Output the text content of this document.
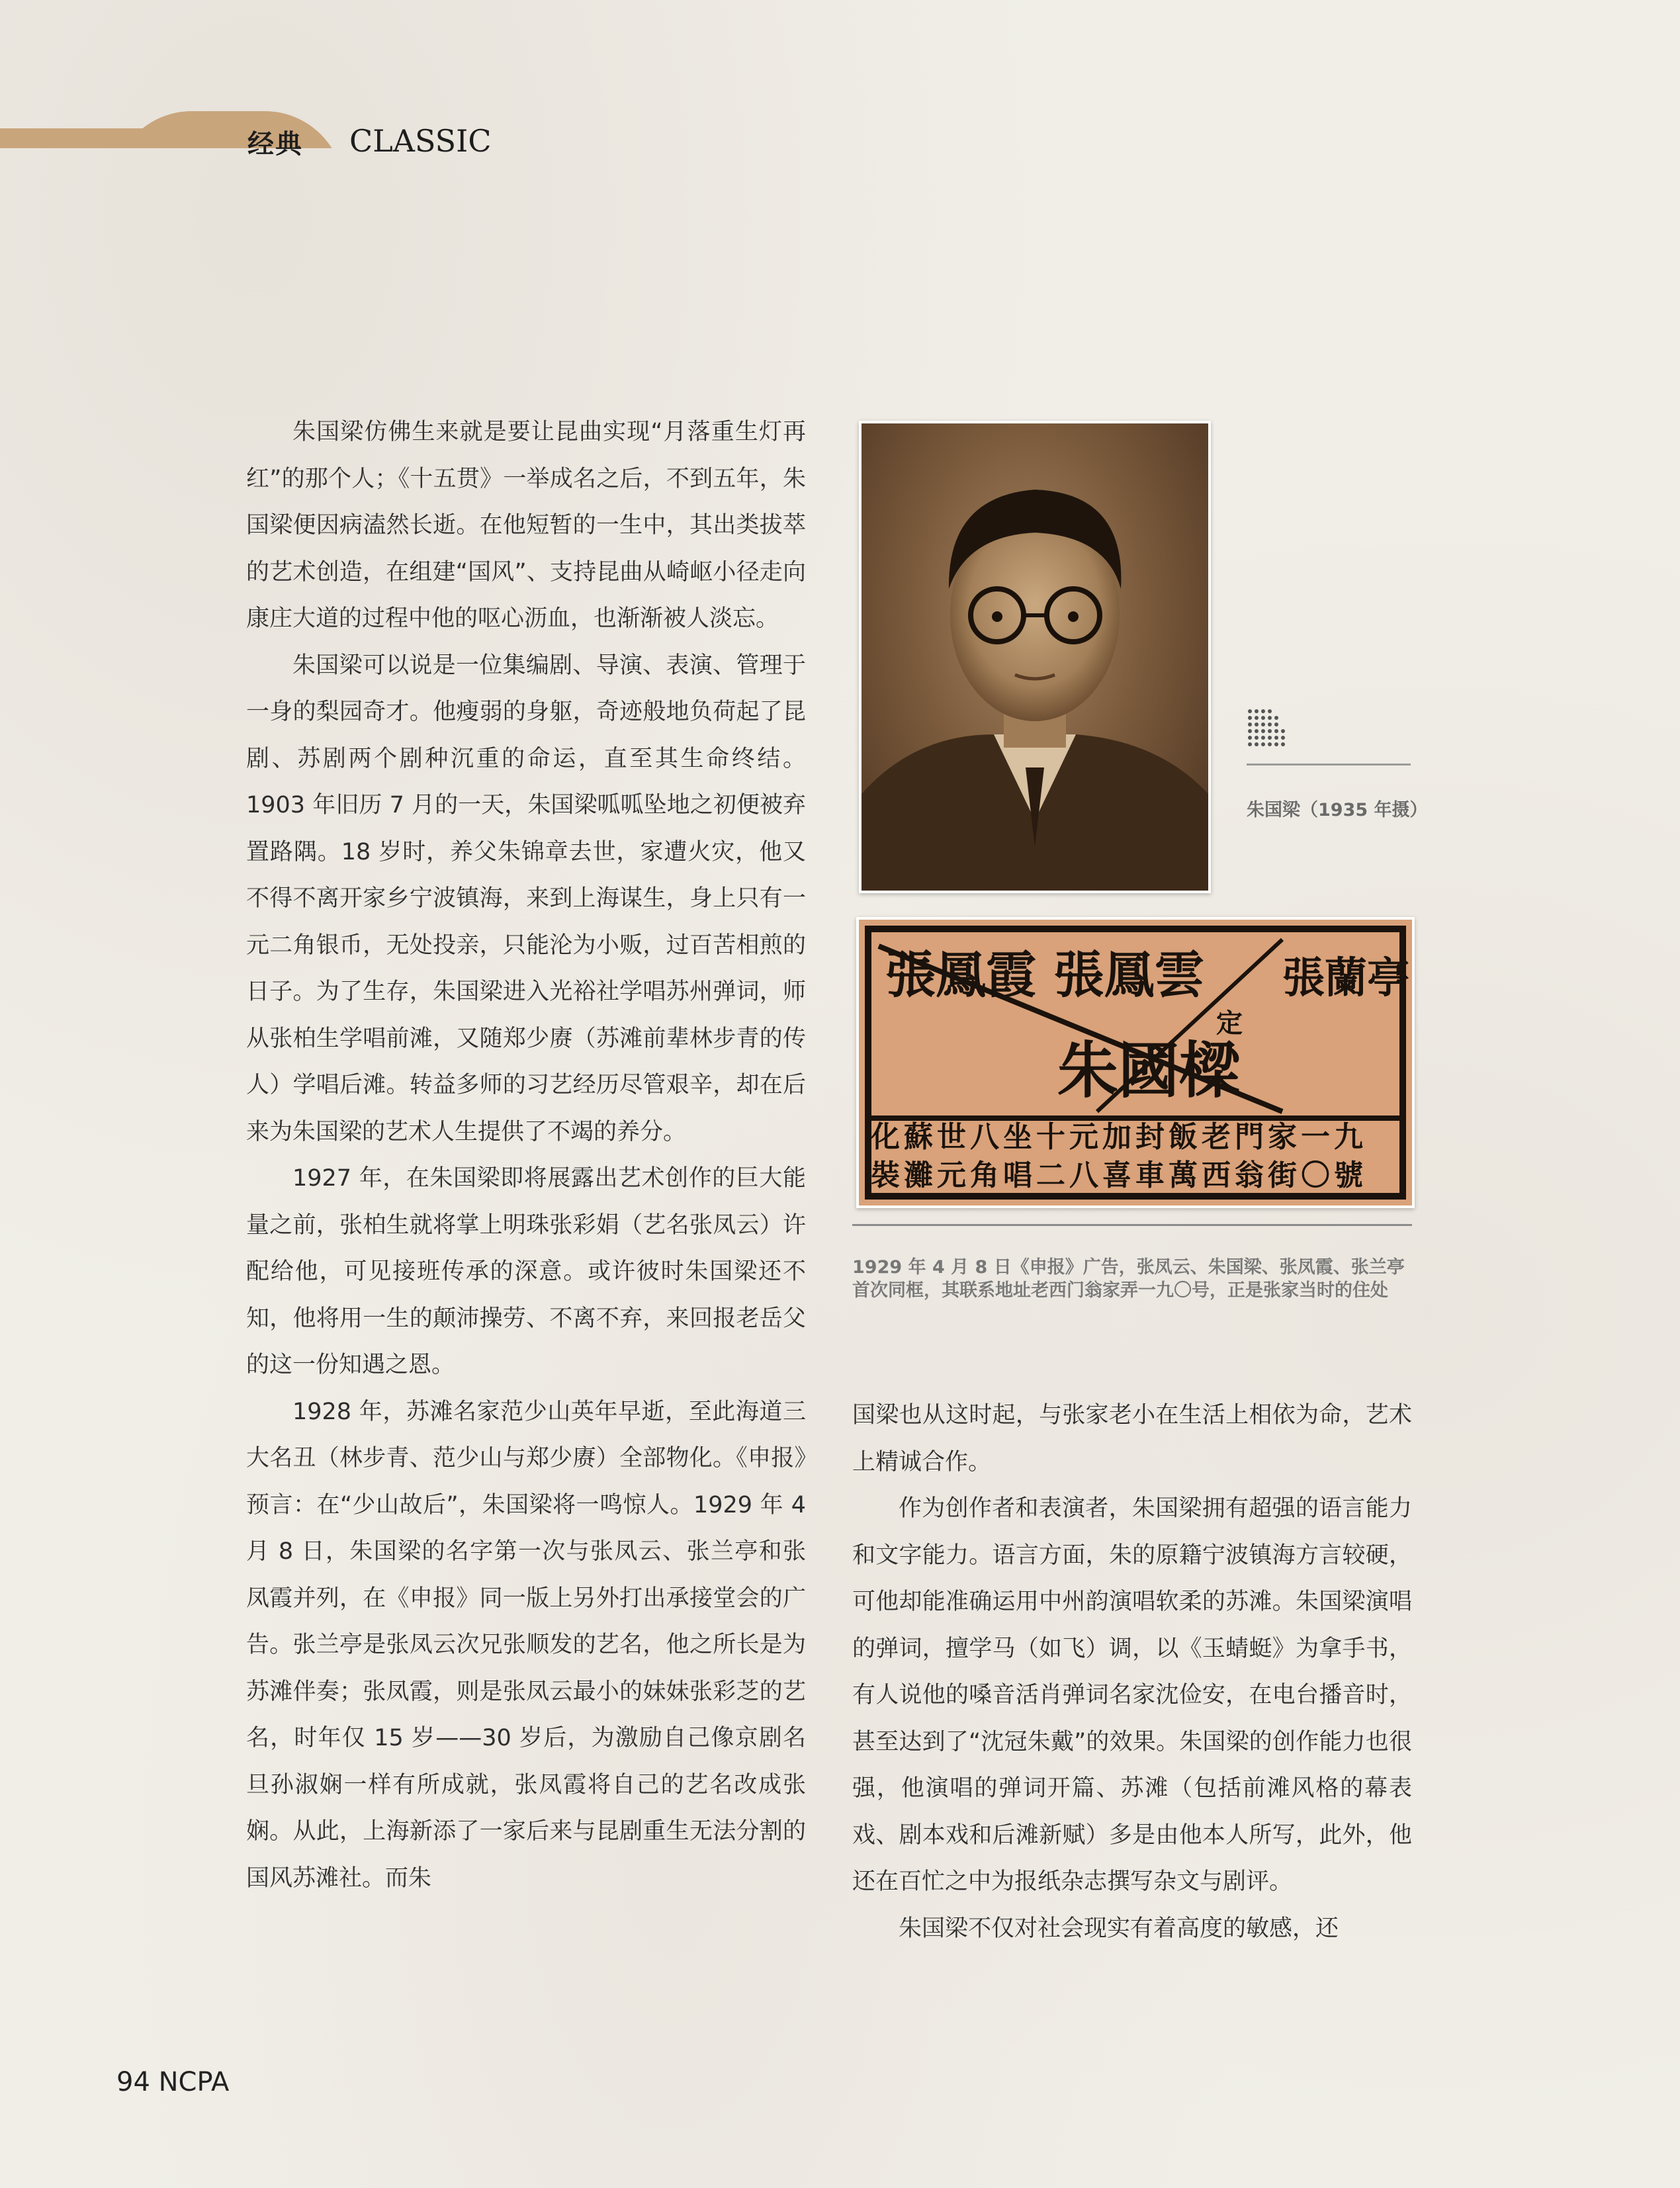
经典 CLASSIC

朱国梁仿佛生来就是要让昆曲实现“月落重生灯再红”的那个人；《十五贯》一举成名之后，不到五年，朱国梁便因病溘然长逝。在他短暂的一生中，其出类拔萃的艺术创造，在组建“国风”、支持昆曲从崎岖小径走向康庄大道的过程中他的呕心沥血，也渐渐被人淡忘。

朱国梁可以说是一位集编剧、导演、表演、管理于一身的梨园奇才。他瘦弱的身躯，奇迹般地负荷起了昆剧、苏剧两个剧种沉重的命运，直至其生命终结。1903 年旧历 7 月的一天，朱国梁呱呱坠地之初便被弃置路隅。18 岁时，养父朱锦章去世，家遭火灾，他又不得不离开家乡宁波镇海，来到上海谋生，身上只有一元二角银币，无处投亲，只能沦为小贩，过百苦相煎的日子。为了生存，朱国梁进入光裕社学唱苏州弹词，师从张柏生学唱前滩，又随郑少赓（苏滩前辈林步青的传人）学唱后滩。转益多师的习艺经历尽管艰辛，却在后来为朱国梁的艺术人生提供了不竭的养分。

1927 年，在朱国梁即将展露出艺术创作的巨大能量之前，张柏生就将掌上明珠张彩娟（艺名张凤云）许配给他，可见接班传承的深意。或许彼时朱国梁还不知，他将用一生的颠沛操劳、不离不弃，来回报老岳父的这一份知遇之恩。

1928 年，苏滩名家范少山英年早逝，至此海道三大名丑（林步青、范少山与郑少赓）全部物化。《申报》预言：在“少山故后”，朱国梁将一鸣惊人。1929 年 4 月 8 日，朱国梁的名字第一次与张凤云、张兰亭和张凤霞并列，在《申报》同一版上另外打出承接堂会的广告。张兰亭是张凤云次兄张顺发的艺名，他之所长是为苏滩伴奏；张凤霞，则是张凤云最小的妹妹张彩芝的艺名，时年仅 15 岁——30 岁后，为激励自己像京剧名旦孙淑娴一样有所成就，张凤霞将自己的艺名改成张娴。从此，上海新添了一家后来与昆剧重生无法分割的国风苏滩社。而朱

朱国梁（1935 年摄）
張鳳霞 張鳳雲 張蘭亭
朱國樑
定
化蘇世八坐十元加封飯老門家一九
裝灘元角唱二八喜車萬西翁街〇號
1929 年 4 月 8 日《申报》广告，张凤云、朱国梁、张凤霞、张兰亭首次同框，其联系地址老西门翁家弄一九〇号，正是张家当时的住处

国梁也从这时起，与张家老小在生活上相依为命，艺术上精诚合作。

作为创作者和表演者，朱国梁拥有超强的语言能力和文字能力。语言方面，朱的原籍宁波镇海方言较硬，可他却能准确运用中州韵演唱软柔的苏滩。朱国梁演唱的弹词，擅学马（如飞）调，以《玉蜻蜓》为拿手书，有人说他的嗓音活肖弹词名家沈俭安，在电台播音时，甚至达到了“沈冠朱戴”的效果。朱国梁的创作能力也很强，他演唱的弹词开篇、苏滩（包括前滩风格的幕表戏、剧本戏和后滩新赋）多是由他本人所写，此外，他还在百忙之中为报纸杂志撰写杂文与剧评。

朱国梁不仅对社会现实有着高度的敏感，还

94 NCPA
